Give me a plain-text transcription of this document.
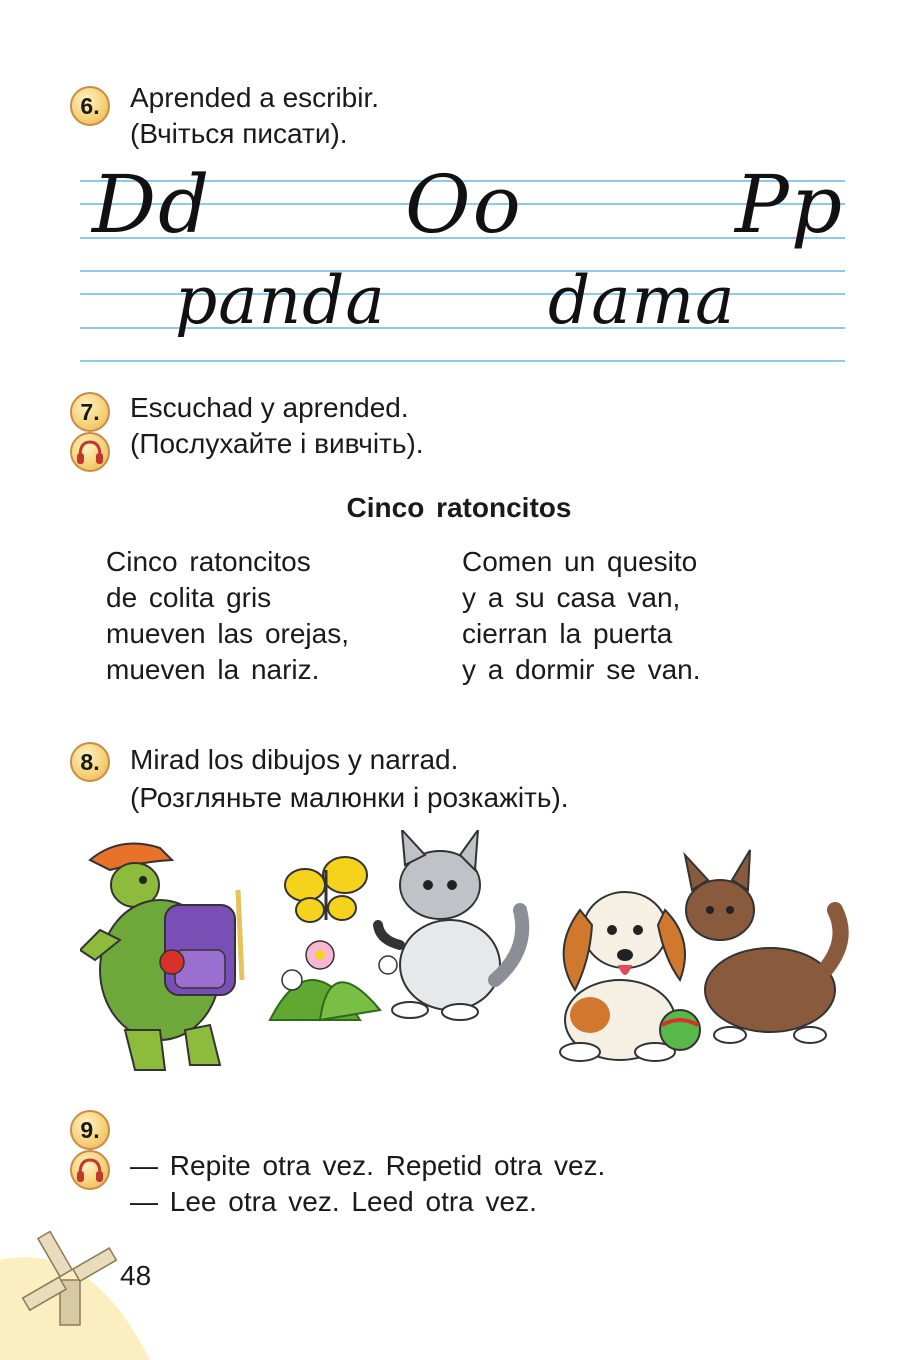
6.	Aprended a escribir.
(Вчіться писати).
Dd Oo	Pp
panda dama
7.	Escuchad y aprended.
(Послухайте і вивчіть).
Cinco ratoncitos
Cinco ratoncitos
de colita gris
mueven las orejas,
mueven la nariz.
Comen un quesito
y a su casa van,
cierran la puerta
y a dormir se van.
8.	Mirad los dibujos y narrad.
(Розгляньте малюнки і розкажіть).
9.
— Repite otra vez. Repetid otra vez.
— Lee otra vez. Leed otra vez.
48
